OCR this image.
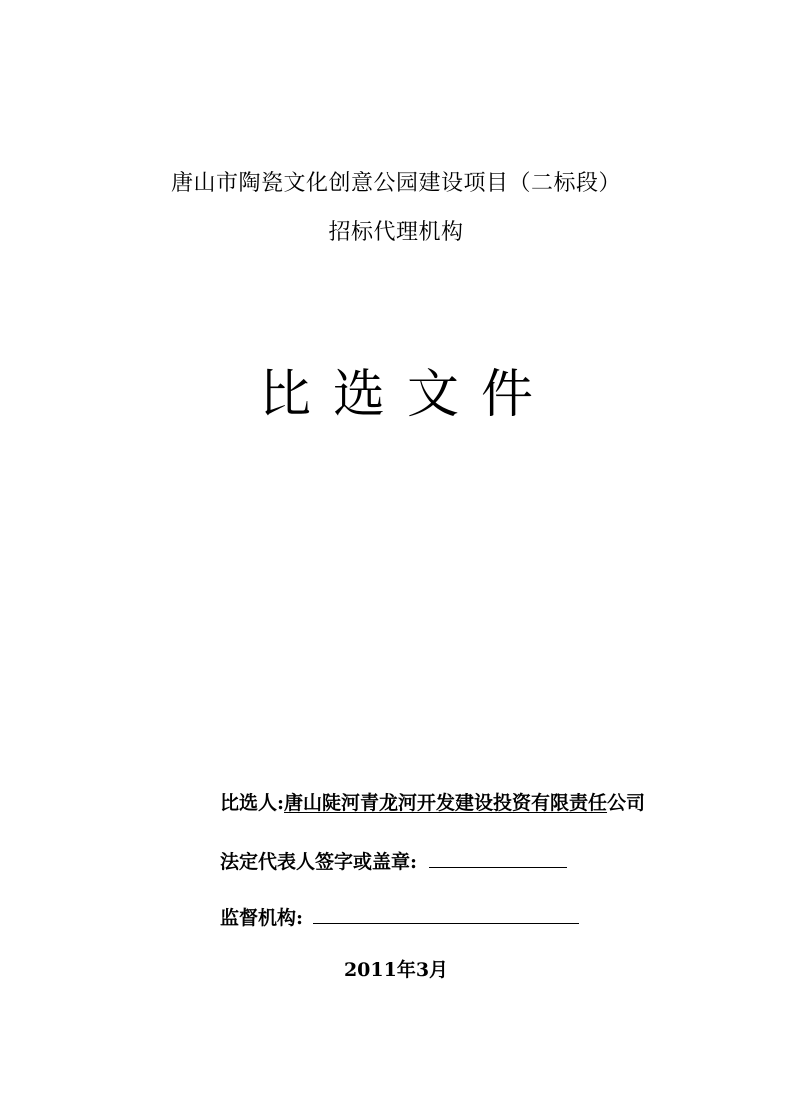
唐山市陶瓷文化创意公园建设项目（二标段）
招标代理机构
比选文件
比选人:唐山陡河青龙河开发建设投资有限责任公司
法定代表人签字或盖章:
监督机构:
2011年3月
